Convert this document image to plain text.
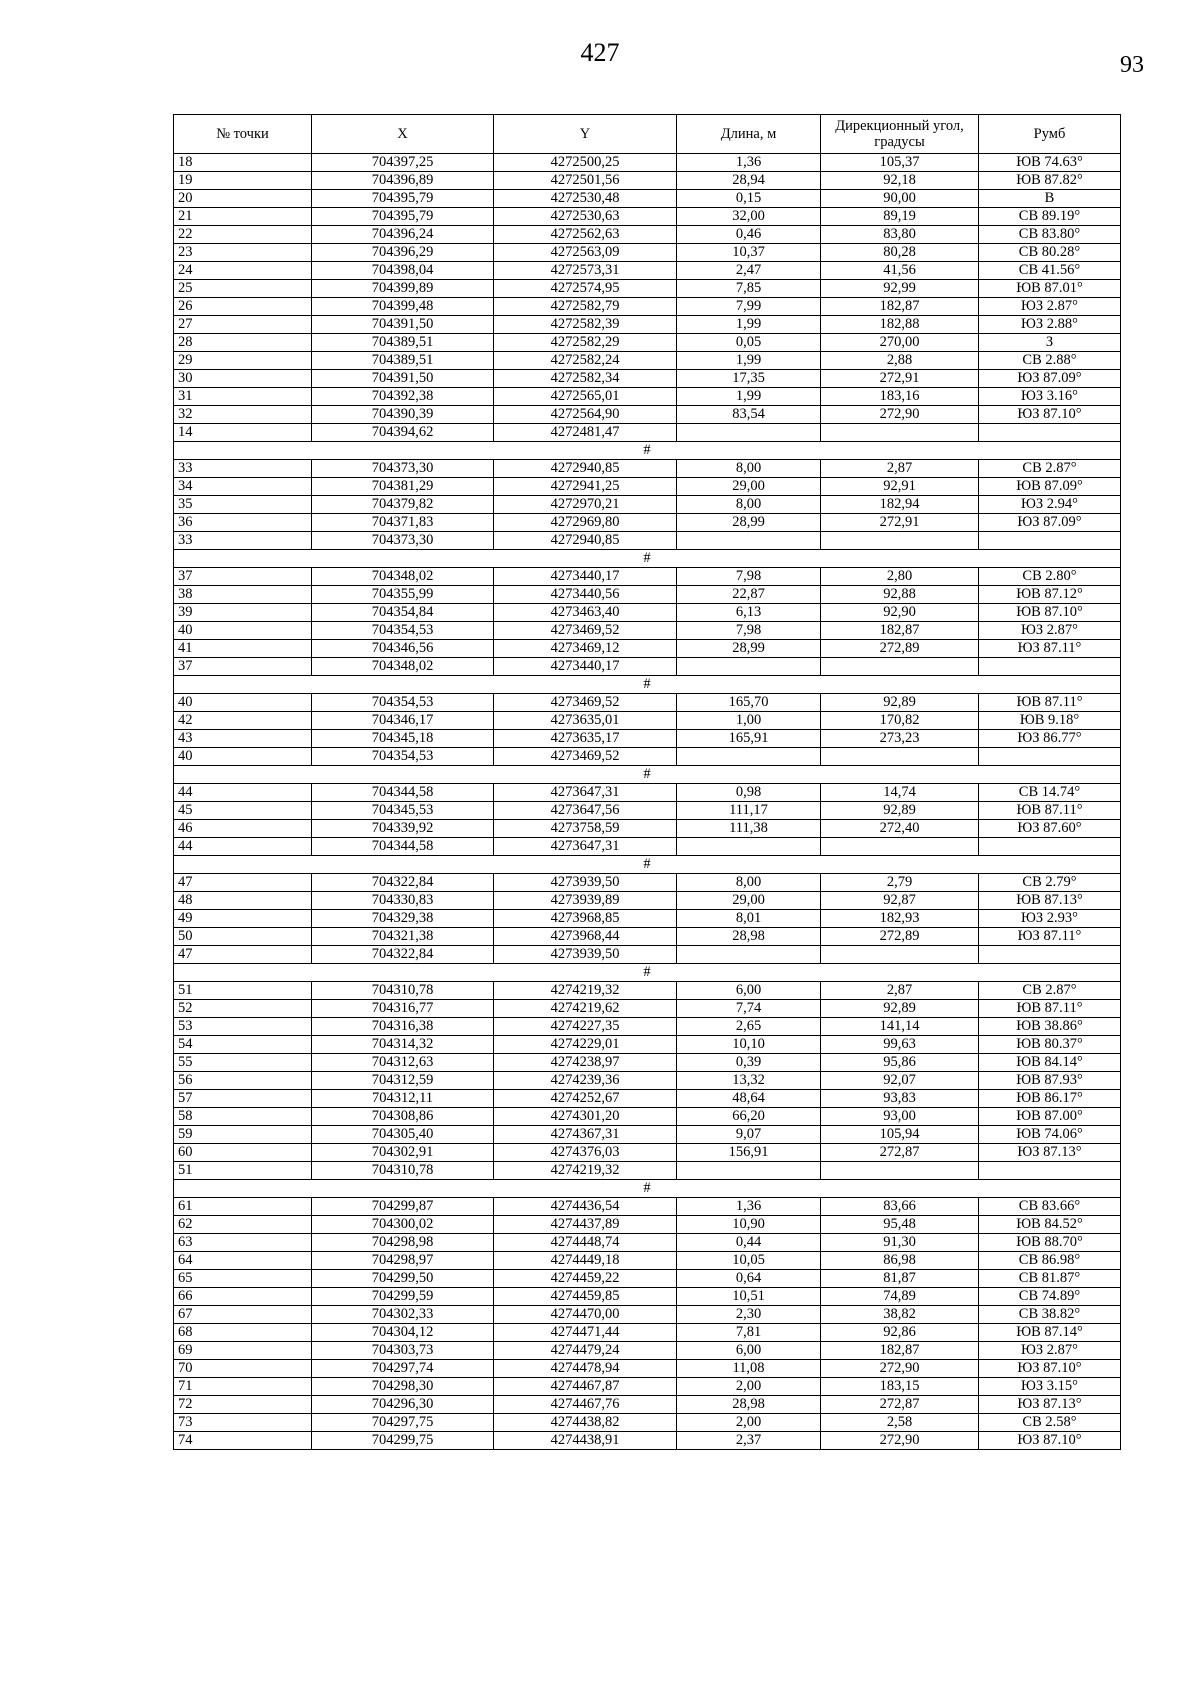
427	93
№ точки	X	Y	Длина, м	Дирекционный угол, градусы	Румб
18	704397,25	4272500,25	1,36	105,37	ЮВ 74.63°
19	704396,89	4272501,56	28,94	92,18	ЮВ 87.82°
20	704395,79	4272530,48	0,15	90,00	В
21	704395,79	4272530,63	32,00	89,19	СВ 89.19°
22	704396,24	4272562,63	0,46	83,80	СВ 83.80°
23	704396,29	4272563,09	10,37	80,28	СВ 80.28°
24	704398,04	4272573,31	2,47	41,56	СВ 41.56°
25	704399,89	4272574,95	7,85	92,99	ЮВ 87.01°
26	704399,48	4272582,79	7,99	182,87	ЮЗ 2.87°
27	704391,50	4272582,39	1,99	182,88	ЮЗ 2.88°
28	704389,51	4272582,29	0,05	270,00	З
29	704389,51	4272582,24	1,99	2,88	СВ 2.88°
30	704391,50	4272582,34	17,35	272,91	ЮЗ 87.09°
31	704392,38	4272565,01	1,99	183,16	ЮЗ 3.16°
32	704390,39	4272564,90	83,54	272,90	ЮЗ 87.10°
14	704394,62	4272481,47			
#					
33	704373,30	4272940,85	8,00	2,87	СВ 2.87°
34	704381,29	4272941,25	29,00	92,91	ЮВ 87.09°
35	704379,82	4272970,21	8,00	182,94	ЮЗ 2.94°
36	704371,83	4272969,80	28,99	272,91	ЮЗ 87.09°
33	704373,30	4272940,85			
#					
37	704348,02	4273440,17	7,98	2,80	СВ 2.80°
38	704355,99	4273440,56	22,87	92,88	ЮВ 87.12°
39	704354,84	4273463,40	6,13	92,90	ЮВ 87.10°
40	704354,53	4273469,52	7,98	182,87	ЮЗ 2.87°
41	704346,56	4273469,12	28,99	272,89	ЮЗ 87.11°
37	704348,02	4273440,17			
#					
40	704354,53	4273469,52	165,70	92,89	ЮВ 87.11°
42	704346,17	4273635,01	1,00	170,82	ЮВ 9.18°
43	704345,18	4273635,17	165,91	273,23	ЮЗ 86.77°
40	704354,53	4273469,52			
#					
44	704344,58	4273647,31	0,98	14,74	СВ 14.74°
45	704345,53	4273647,56	111,17	92,89	ЮВ 87.11°
46	704339,92	4273758,59	111,38	272,40	ЮЗ 87.60°
44	704344,58	4273647,31			
#					
47	704322,84	4273939,50	8,00	2,79	СВ 2.79°
48	704330,83	4273939,89	29,00	92,87	ЮВ 87.13°
49	704329,38	4273968,85	8,01	182,93	ЮЗ 2.93°
50	704321,38	4273968,44	28,98	272,89	ЮЗ 87.11°
47	704322,84	4273939,50			
#					
51	704310,78	4274219,32	6,00	2,87	СВ 2.87°
52	704316,77	4274219,62	7,74	92,89	ЮВ 87.11°
53	704316,38	4274227,35	2,65	141,14	ЮВ 38.86°
54	704314,32	4274229,01	10,10	99,63	ЮВ 80.37°
55	704312,63	4274238,97	0,39	95,86	ЮВ 84.14°
56	704312,59	4274239,36	13,32	92,07	ЮВ 87.93°
57	704312,11	4274252,67	48,64	93,83	ЮВ 86.17°
58	704308,86	4274301,20	66,20	93,00	ЮВ 87.00°
59	704305,40	4274367,31	9,07	105,94	ЮВ 74.06°
60	704302,91	4274376,03	156,91	272,87	ЮЗ 87.13°
51	704310,78	4274219,32			
#					
61	704299,87	4274436,54	1,36	83,66	СВ 83.66°
62	704300,02	4274437,89	10,90	95,48	ЮВ 84.52°
63	704298,98	4274448,74	0,44	91,30	ЮВ 88.70°
64	704298,97	4274449,18	10,05	86,98	СВ 86.98°
65	704299,50	4274459,22	0,64	81,87	СВ 81.87°
66	704299,59	4274459,85	10,51	74,89	СВ 74.89°
67	704302,33	4274470,00	2,30	38,82	СВ 38.82°
68	704304,12	4274471,44	7,81	92,86	ЮВ 87.14°
69	704303,73	4274479,24	6,00	182,87	ЮЗ 2.87°
70	704297,74	4274478,94	11,08	272,90	ЮЗ 87.10°
71	704298,30	4274467,87	2,00	183,15	ЮЗ 3.15°
72	704296,30	4274467,76	28,98	272,87	ЮЗ 87.13°
73	704297,75	4274438,82	2,00	2,58	СВ 2.58°
74	704299,75	4274438,91	2,37	272,90	ЮЗ 87.10°
